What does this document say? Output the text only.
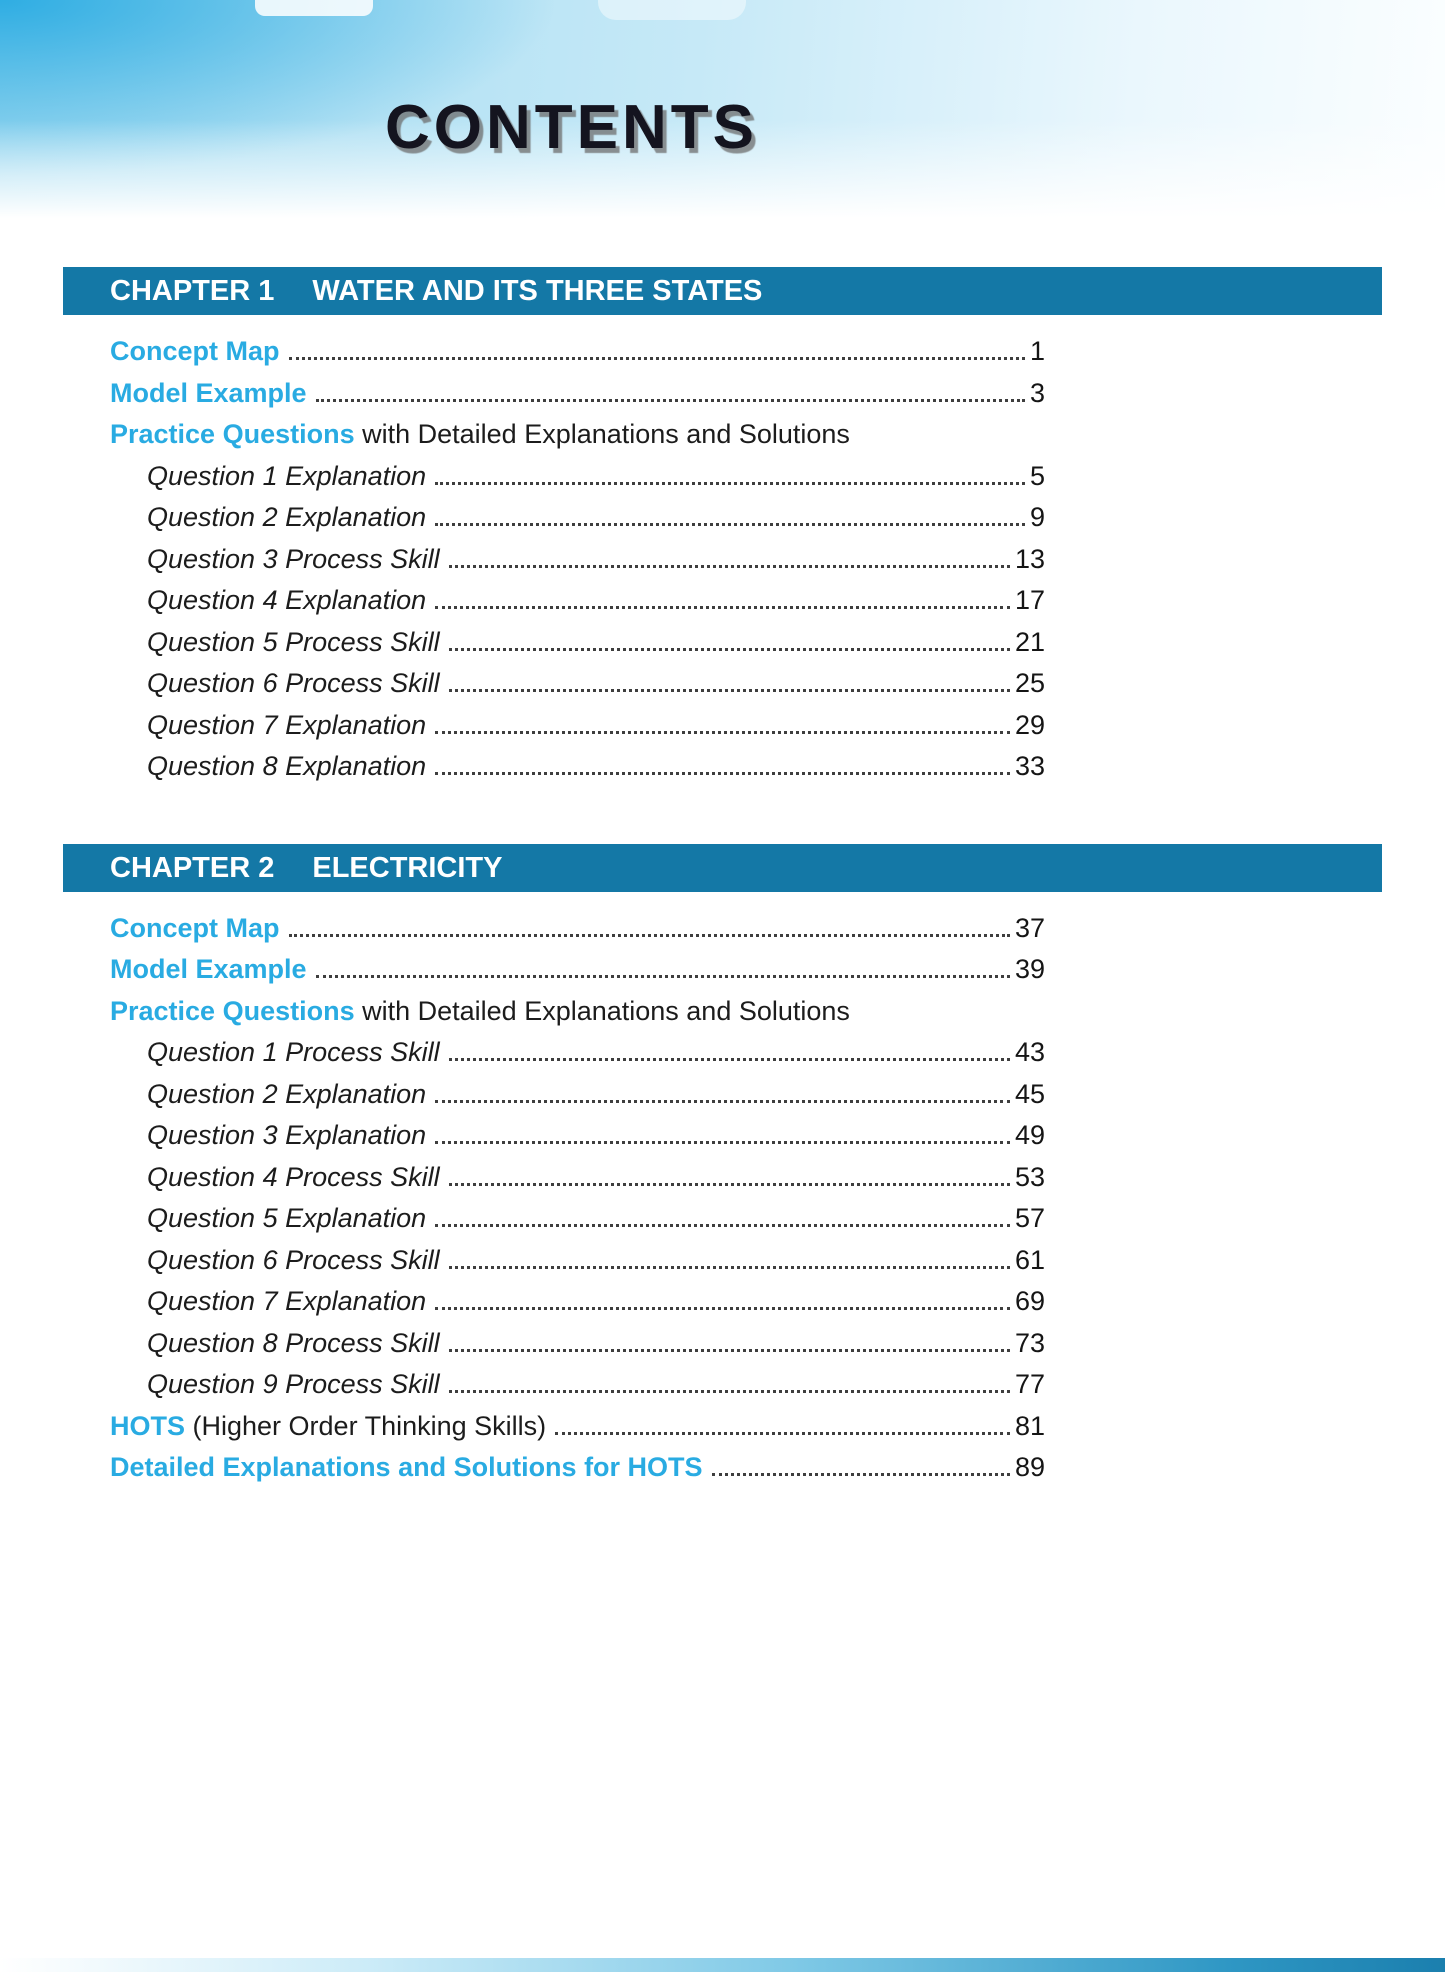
CONTENTS
CHAPTER 1 WATER AND ITS THREE STATES
Concept Map	1
Model Example	3
Practice Questions with Detailed Explanations and Solutions
Question 1 Explanation	5
Question 2 Explanation	9
Question 3 Process Skill	13
Question 4 Explanation	17
Question 5 Process Skill	21
Question 6 Process Skill	25
Question 7 Explanation	29
Question 8 Explanation	33
CHAPTER 2 ELECTRICITY
Concept Map	37
Model Example	39
Practice Questions with Detailed Explanations and Solutions
Question 1 Process Skill	43
Question 2 Explanation	45
Question 3 Explanation	49
Question 4 Process Skill	53
Question 5 Explanation	57
Question 6 Process Skill	61
Question 7 Explanation	69
Question 8 Process Skill	73
Question 9 Process Skill	77
HOTS (Higher Order Thinking Skills)	81
Detailed Explanations and Solutions for HOTS	89
